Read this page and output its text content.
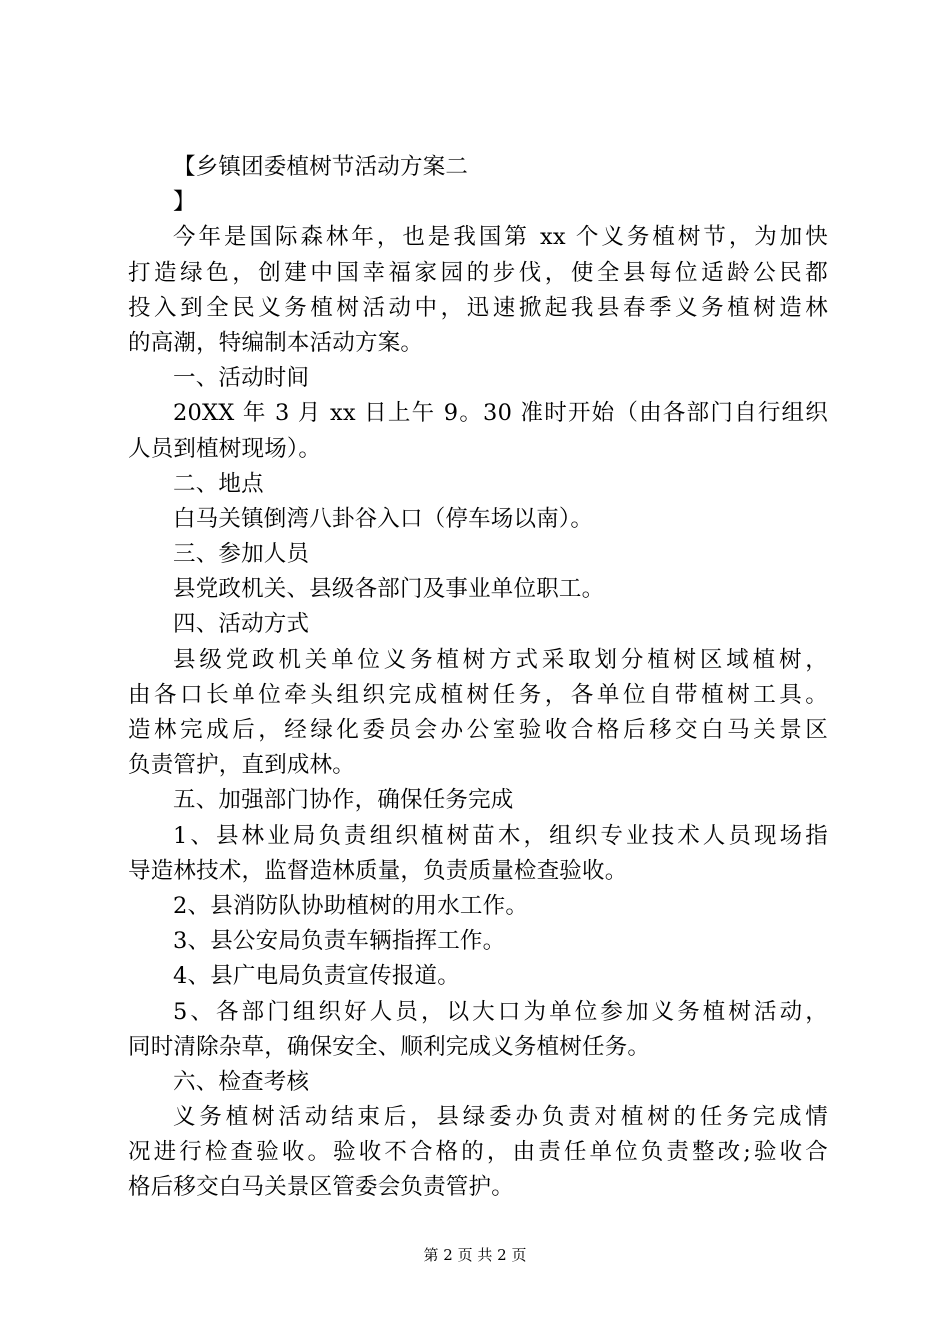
【乡镇团委植树节活动方案二
】
今年是国际森林年，也是我国第 xx 个义务植树节，为加快
打造绿色，创建中国幸福家园的步伐，使全县每位适龄公民都
投入到全民义务植树活动中，迅速掀起我县春季义务植树造林
的高潮，特编制本活动方案。
一、活动时间
20XX 年 3 月 xx 日上午 9。30 准时开始（由各部门自行组织
人员到植树现场）。
二、地点
白马关镇倒湾八卦谷入口（停车场以南）。
三、参加人员
县党政机关、县级各部门及事业单位职工。
四、活动方式
县级党政机关单位义务植树方式采取划分植树区域植树，
由各口长单位牵头组织完成植树任务，各单位自带植树工具。
造林完成后，经绿化委员会办公室验收合格后移交白马关景区
负责管护，直到成林。
五、加强部门协作，确保任务完成
1、县林业局负责组织植树苗木，组织专业技术人员现场指
导造林技术，监督造林质量，负责质量检查验收。
2、县消防队协助植树的用水工作。
3、县公安局负责车辆指挥工作。
4、县广电局负责宣传报道。
5、各部门组织好人员，以大口为单位参加义务植树活动，
同时清除杂草，确保安全、顺利完成义务植树任务。
六、检查考核
义务植树活动结束后，县绿委办负责对植树的任务完成情
况进行检查验收。验收不合格的，由责任单位负责整改;验收合
格后移交白马关景区管委会负责管护。
第 2 页 共 2 页
